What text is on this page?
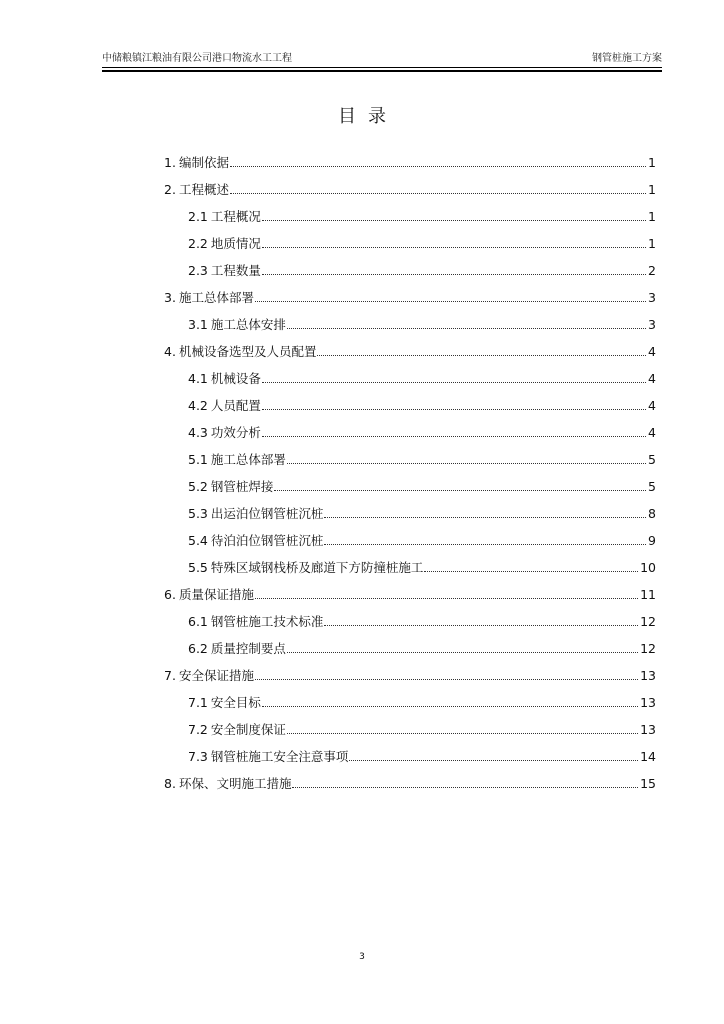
中储粮镇江粮油有限公司港口物流水工工程	钢管桩施工方案
目录
1. 编制依据	1
2. 工程概述	1
2.1 工程概况	1
2.2 地质情况	1
2.3 工程数量	2
3. 施工总体部署	3
3.1 施工总体安排	3
4. 机械设备选型及人员配置	4
4.1 机械设备	4
4.2 人员配置	4
4.3 功效分析	4
5.1 施工总体部署	5
5.2 钢管桩焊接	5
5.3 出运泊位钢管桩沉桩	8
5.4 待泊泊位钢管桩沉桩	9
5.5 特殊区域钢栈桥及廊道下方防撞桩施工	10
6. 质量保证措施	11
6.1 钢管桩施工技术标准	12
6.2 质量控制要点	12
7. 安全保证措施	13
7.1 安全目标	13
7.2 安全制度保证	13
7.3 钢管桩施工安全注意事项	14
8. 环保、文明施工措施	15
3
